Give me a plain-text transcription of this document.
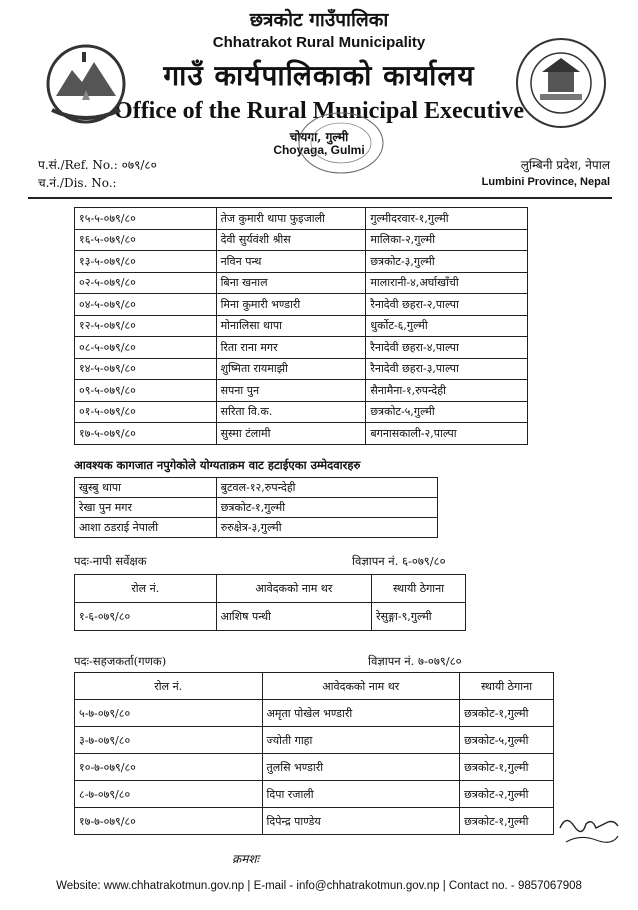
छत्रकोट गाउँपालिका
Chhatrakot Rural Municipality
गाउँ कार्यपालिकाको कार्यालय
Office of the Rural Municipal Executive
चोयगा, गुल्मी
Choyaga, Gulmi
प.सं./Ref. No.: ०७९/८०
च.नं./Dis. No.:
लुम्बिनी प्रदेश, नेपाल
Lumbini Province, Nepal
१५-५-०७९/८०	तेज कुमारी थापा फुइजाली	गुल्मीदरवार-१,गुल्मी
१६-५-०७९/८०	देवी सुर्यवंशी श्रीस	मालिका-२,गुल्मी
१३-५-०७९/८०	नविन पन्थ	छत्रकोट-३,गुल्मी
०२-५-०७९/८०	बिना खनाल	मालारानी-४,अर्घाखाँची
०४-५-०७९/८०	मिना कुमारी भण्डारी	रैनादेवी छहरा-२,पाल्पा
१२-५-०७९/८०	मोनालिसा थापा	धुर्कोट-६,गुल्मी
०८-५-०७९/८०	रिता राना मगर	रैनादेवी छहरा-४,पाल्पा
१४-५-०७९/८०	शुष्मिता रायमाझी	रैनादेवी छहरा-३,पाल्पा
०९-५-०७९/८०	सपना पुन	सैनामैना-१,रुपन्देही
०१-५-०७९/८०	सरिता वि.क.	छत्रकोट-५,गुल्मी
१७-५-०७९/८०	सुस्मा टंलामी	बगनासकाली-२,पाल्पा
आवश्यक कागजात नपुगेकोले योग्यताक्रम वाट हटाईएका उम्मेदवारहरु
खुस्बु थापा	बुटवल-१२,रुपन्देही
रेखा पुन मगर	छत्रकोट-१,गुल्मी
आशा ठडराई नेपाली	रुरुक्षेत्र-३,गुल्मी
पदः-नापी सर्वेक्षक	विज्ञापन नं. ६-०७९/८०
रोल नं.	आवेदकको नाम थर	स्थायी ठेगाना
१-६-०७९/८०	आशिष पन्थी	रेसुङ्गा-९,गुल्मी
पदः-सहजकर्ता(गणक)	विज्ञापन नं. ७-०७९/८०
रोल नं.	आवेदकको नाम थर	स्थायी ठेगाना
५-७-०७९/८०	अमृता पोखेल भण्डारी	छत्रकोट-१,गुल्मी
३-७-०७९/८०	ज्योती गाहा	छत्रकोट-५,गुल्मी
१०-७-०७९/८०	तुलसि भण्डारी	छत्रकोट-१,गुल्मी
८-७-०७९/८०	दिपा रजाली	छत्रकोट-२,गुल्मी
१७-७-०७९/८०	दिपेन्द्र पाण्डेय	छत्रकोट-१,गुल्मी
क्रमशः
Website: www.chhatrakotmun.gov.np | E-mail - info@chhatrakotmun.gov.np | Contact no. - 9857067908
